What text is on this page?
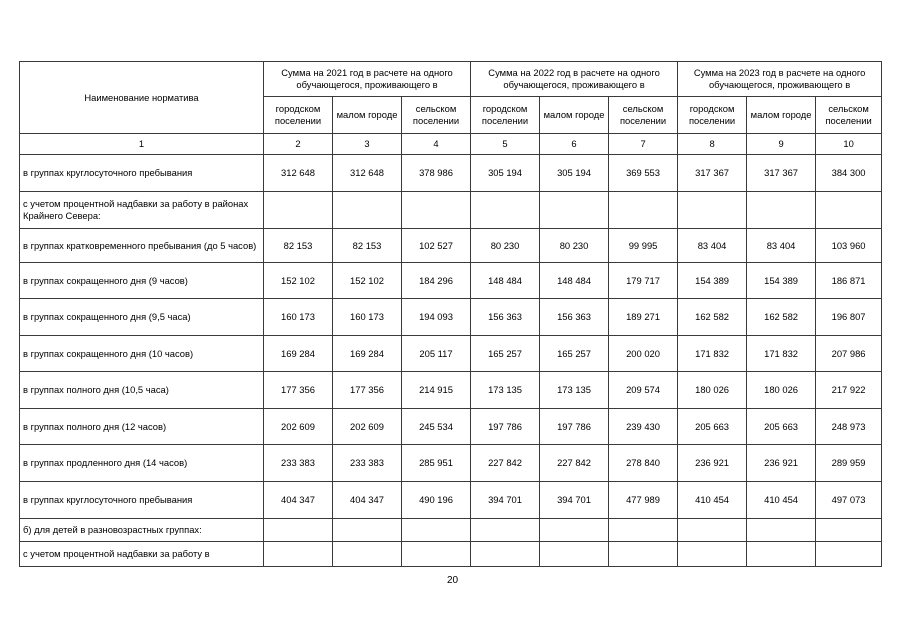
Наименование норматива	Сумма на 2021 год в расчете на одного обучающегося, проживающего в			Сумма на 2022 год в расчете на одного обучающегося, проживающего в			Сумма на 2023 год в расчете на одного обучающегося, проживающего в		
	городском поселении	малом городе	сельском поселении	городском поселении	малом городе	сельском поселении	городском поселении	малом городе	сельском поселении
1	2	3	4	5	6	7	8	9	10
в группах круглосуточного пребывания	312 648	312 648	378 986	305 194	305 194	369 553	317 367	317 367	384 300
с учетом процентной надбавки за работу в районах Крайнего Севера:									
в группах кратковременного пребывания (до 5 часов)	82 153	82 153	102 527	80 230	80 230	99 995	83 404	83 404	103 960
в группах сокращенного дня (9 часов)	152 102	152 102	184 296	148 484	148 484	179 717	154 389	154 389	186 871
в группах сокращенного дня (9,5 часа)	160 173	160 173	194 093	156 363	156 363	189 271	162 582	162 582	196 807
в группах сокращенного дня (10 часов)	169 284	169 284	205 117	165 257	165 257	200 020	171 832	171 832	207 986
в группах полного дня (10,5 часа)	177 356	177 356	214 915	173 135	173 135	209 574	180 026	180 026	217 922
в группах полного дня (12 часов)	202 609	202 609	245 534	197 786	197 786	239 430	205 663	205 663	248 973
в группах продленного дня (14 часов)	233 383	233 383	285 951	227 842	227 842	278 840	236 921	236 921	289 959
в группах круглосуточного пребывания	404 347	404 347	490 196	394 701	394 701	477 989	410 454	410 454	497 073
б) для детей в разновозрастных группах:									
с учетом процентной надбавки за работу в									
20
